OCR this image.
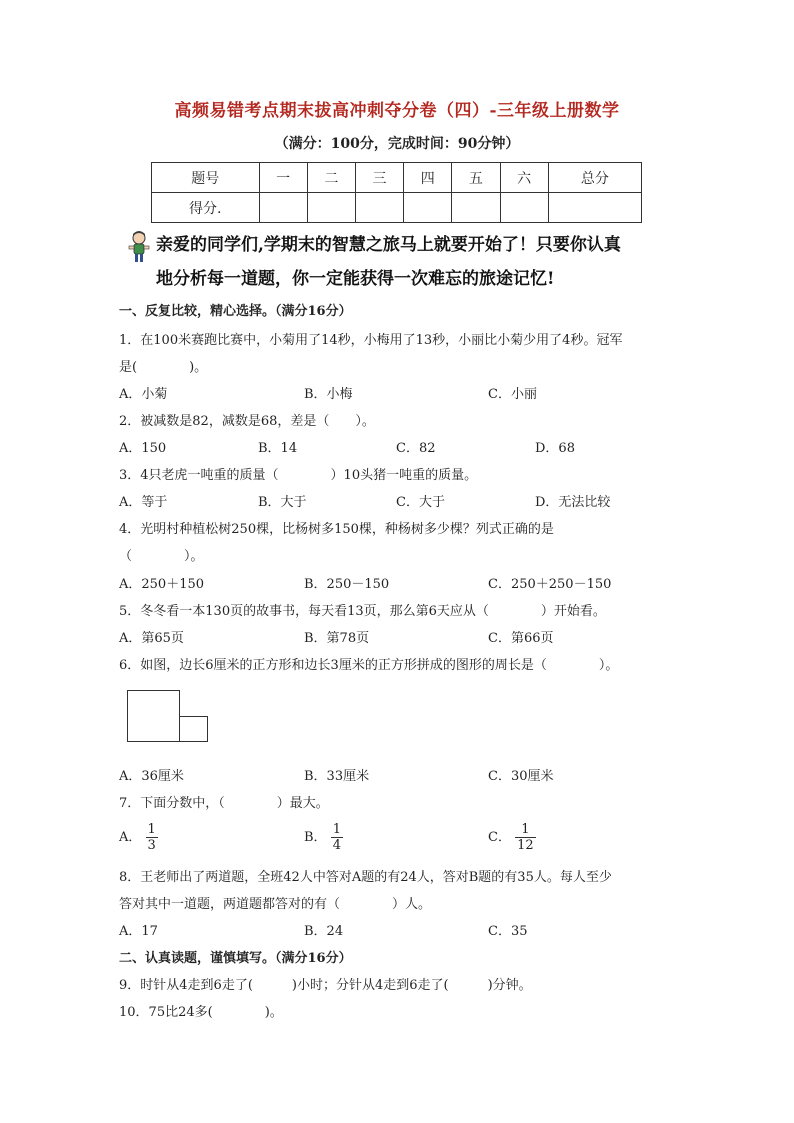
高频易错考点期末拔高冲刺夺分卷（四）-三年级上册数学
（满分：100分，完成时间：90分钟）
题号	一	二	三	四	五	六	总分
得分.							
亲爱的同学们,学期末的智慧之旅马上就要开始了！只要你认真
地分析每一道题，你一定能获得一次难忘的旅途记忆!
一、反复比较，精心选择。（满分16分）
1．在100米赛跑比赛中，小菊用了14秒，小梅用了13秒，小丽比小菊少用了4秒。冠军
是(　　　　)。
A．小菊	B．小梅	C．小丽
2．被减数是82，减数是68，差是（　　）。
A．150	B．14	C．82	D．68
3．4只老虎一吨重的质量（　　　　）10头猪一吨重的质量。
A．等于	B．大于	C．大于	D．无法比较
4．光明村种植松树250棵，比杨树多150棵，种杨树多少棵？列式正确的是
（　　　　）。
A．250＋150	B．250－150	C．250＋250－150
5．冬冬看一本130页的故事书，每天看13页，那么第6天应从（　　　　）开始看。
A．第65页	B．第78页	C．第66页
6．如图，边长6厘米的正方形和边长3厘米的正方形拼成的图形的周长是（　　　　）。
A．36厘米	B．33厘米	C．30厘米
7．下面分数中，（　　　　）最大。
A． $\frac{1}{3}$	B． $\frac{1}{4}$	C． $\frac{1}{12}$
8．王老师出了两道题，全班42人中答对A题的有24人，答对B题的有35人。每人至少
答对其中一道题，两道题都答对的有（　　　　）人。
A．17	B．24	C．35
二、认真读题，谨慎填写。（满分16分）
9．时针从4走到6走了(　　　)小时；分针从4走到6走了(　　　)分钟。
10．75比24多(　　　　)。
